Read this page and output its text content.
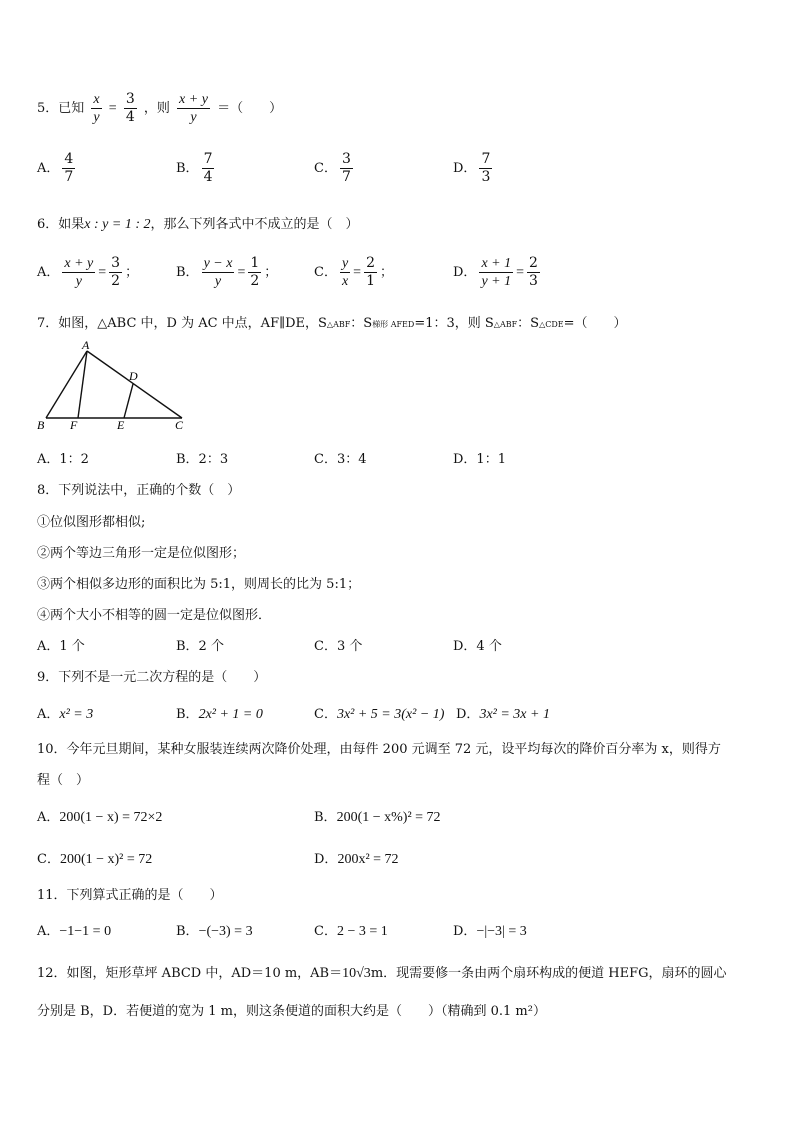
5．已知 $\frac{x}{y} = \frac{3}{4}$ ，则 $\frac{x + y}{y}$ ＝（　　）
A． $\frac{4}{7}$	B． $\frac{7}{4}$	C． $\frac{3}{7}$	D． $\frac{7}{3}$
6．如果x : y = 1 : 2，那么下列各式中不成立的是（　）
A． $\frac{x + y}{y} = \frac{3}{2}$ ；	B． $\frac{y - x}{y} = \frac{1}{2}$ ；	C． $\frac{y}{x} = \frac{2}{1}$ ；	D． $\frac{x + 1}{y + 1} = \frac{2}{3}$
7．如图，△ABC 中，D 为 AC 中点，AF∥DE，S△ABF：S梯形 AFED=1：3，则 S△ABF：S△CDE=（　　）
A
D
B F	E	C
A．1：2	B．2：3	C．3：4	D．1：1
8．下列说法中，正确的个数（　）
①位似图形都相似;
②两个等边三角形一定是位似图形；
③两个相似多边形的面积比为 5:1，则周长的比为 5:1；
④两个大小不相等的圆一定是位似图形．
A．1 个	B．2 个	C．3 个	D．4 个
9．下列不是一元二次方程的是（　　）
A．x² = 3	B．2x² + 1 = 0	C．3x² + 5 = 3(x² − 1) D．3x² = 3x + 1
10．今年元旦期间，某种女服装连续两次降价处理，由每件 200 元调至 72 元，设平均每次的降价百分率为 x，则得方
程（　）
A．200(1 − x) = 72×2	B．200(1 − x%)² = 72
C．200(1 − x)² = 72	D．200x² = 72
11．下列算式正确的是（　　）
A．−1−1 = 0	B．−(−3) = 3	C．2 − 3 = 1	D．−|−3| = 3
12．如图，矩形草坪 ABCD 中，AD＝10 m，AB＝10√3m．现需要修一条由两个扇环构成的便道 HEFG，扇环的圆心
分别是 B，D．若便道的宽为 1 m，则这条便道的面积大约是（　　）（精确到 0.1 m²）
